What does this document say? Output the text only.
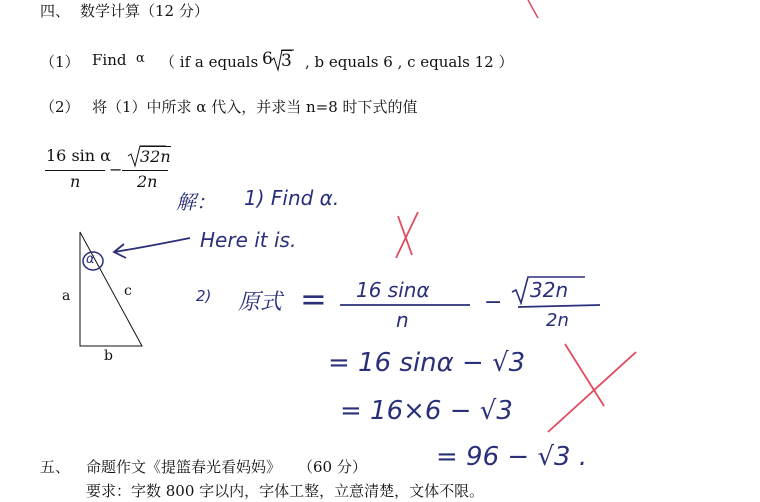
四、 数学计算（12 分）
（1） Find α （ if a equals 6 3 , b equals 6 , c equals 12 ）
（2） 将（1）中所求 α 代入，并求当 n=8 时下式的值
16 sin α
n
−
32n
2n
a	c
b
α
解： 1) Find α.
Here it is.
2) 原式 = 16 sinα
n
− 32n
2n
= 16 sinα − √3
= 16×6 − √3
= 96 − √3 .
五、 命题作文《提篮春光看妈妈》 （60 分）
要求：字数 800 字以内，字体工整，立意清楚，文体不限。
